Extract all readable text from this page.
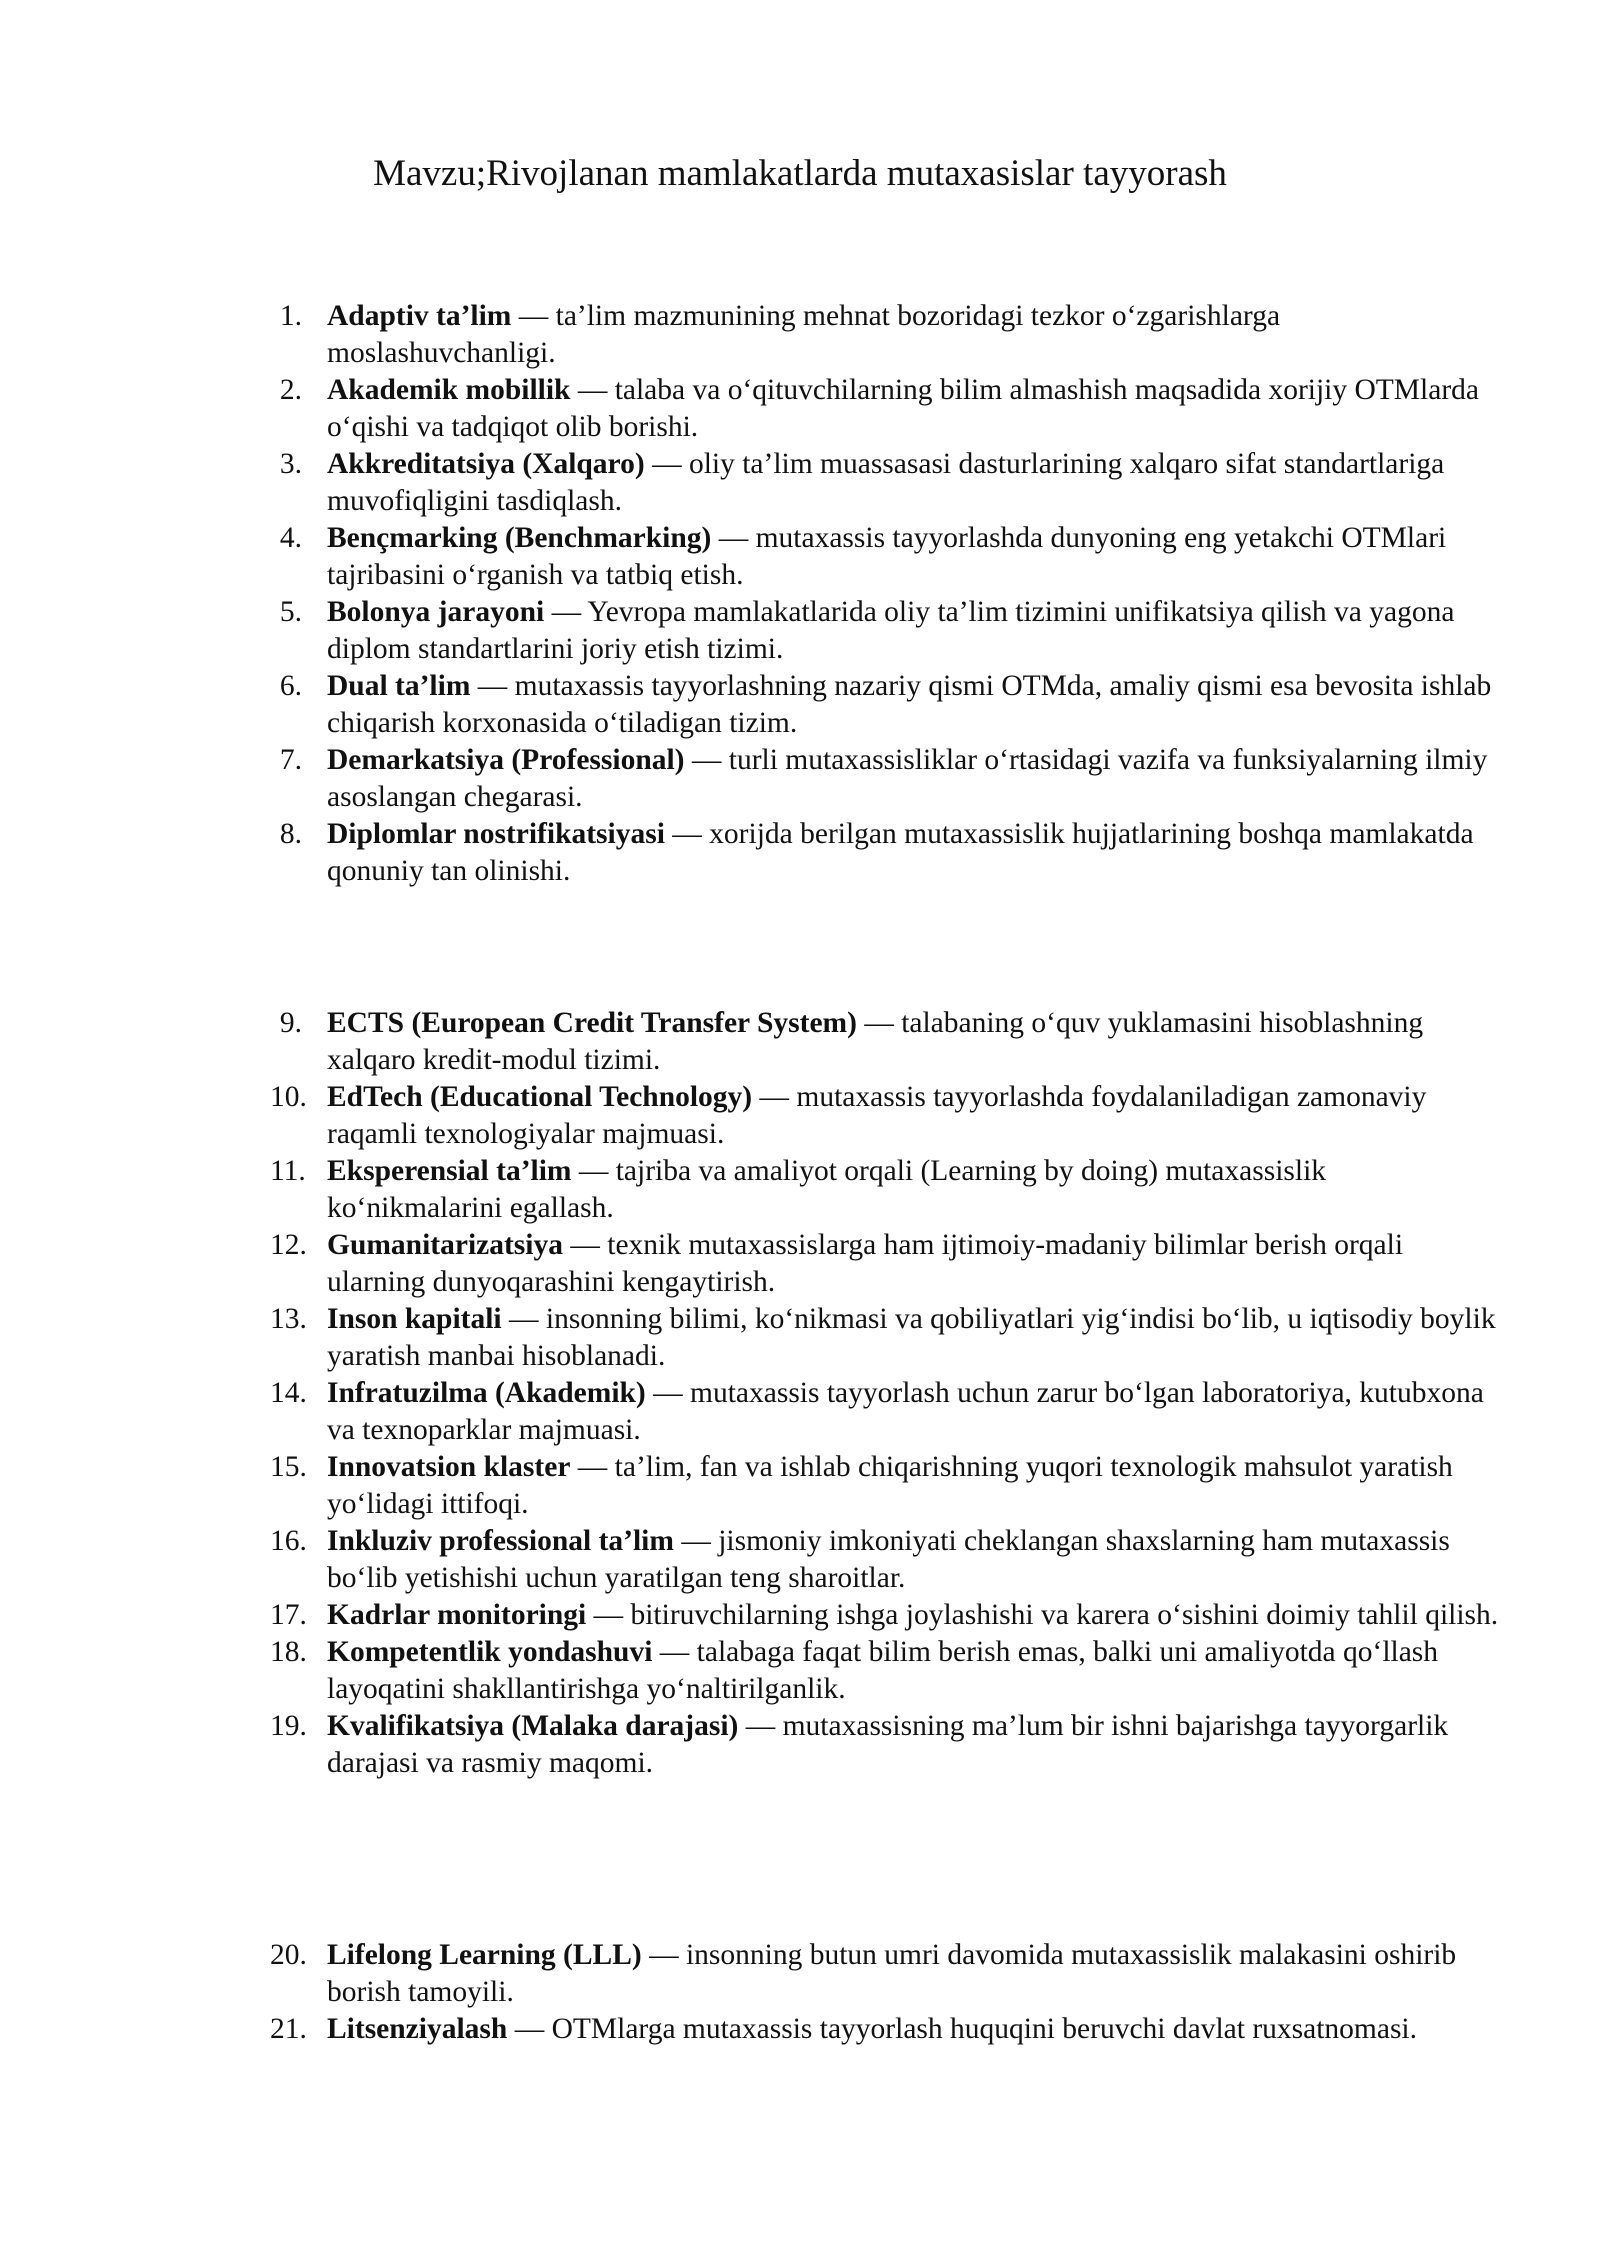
Mavzu;Rivojlanan mamlakatlarda mutaxasislar tayyorash
1. Adaptiv ta’lim — ta’lim mazmunining mehnat bozoridagi tezkor o‘zgarishlarga moslashuvchanligi.
2. Akademik mobillik — talaba va o‘qituvchilarning bilim almashish maqsadida xorijiy OTMlarda o‘qishi va tadqiqot olib borishi.
3. Akkreditatsiya (Xalqaro) — oliy ta’lim muassasasi dasturlarining xalqaro sifat standartlariga muvofiqligini tasdiqlash.
4. Bençmarking (Benchmarking) — mutaxassis tayyorlashda dunyoning eng yetakchi OTMlari tajribasini o‘rganish va tatbiq etish.
5. Bolonya jarayoni — Yevropa mamlakatlarida oliy ta’lim tizimini unifikatsiya qilish va yagona diplom standartlarini joriy etish tizimi.
6. Dual ta’lim — mutaxassis tayyorlashning nazariy qismi OTMda, amaliy qismi esa bevosita ishlab chiqarish korxonasida o‘tiladigan tizim.
7. Demarkatsiya (Professional) — turli mutaxassisliklar o‘rtasidagi vazifa va funksiyalarning ilmiy asoslangan chegarasi.
8. Diplomlar nostrifikatsiyasi — xorijda berilgan mutaxassislik hujjatlarining boshqa mamlakatda qonuniy tan olinishi.
9. ECTS (European Credit Transfer System) — talabaning o‘quv yuklamasini hisoblashning xalqaro kredit-modul tizimi.
10. EdTech (Educational Technology) — mutaxassis tayyorlashda foydalaniladigan zamonaviy raqamli texnologiyalar majmuasi.
11. Eksperensial ta’lim — tajriba va amaliyot orqali (Learning by doing) mutaxassislik ko‘nikmalarini egallash.
12. Gumanitarizatsiya — texnik mutaxassislarga ham ijtimoiy-madaniy bilimlar berish orqali ularning dunyoqarashini kengaytirish.
13. Inson kapitali — insonning bilimi, ko‘nikmasi va qobiliyatlari yig‘indisi bo‘lib, u iqtisodiy boylik yaratish manbai hisoblanadi.
14. Infratuzilma (Akademik) — mutaxassis tayyorlash uchun zarur bo‘lgan laboratoriya, kutubxona va texnoparklar majmuasi.
15. Innovatsion klaster — ta’lim, fan va ishlab chiqarishning yuqori texnologik mahsulot yaratish yo‘lidagi ittifoqi.
16. Inkluziv professional ta’lim — jismoniy imkoniyati cheklangan shaxslarning ham mutaxassis bo‘lib yetishishi uchun yaratilgan teng sharoitlar.
17. Kadrlar monitoringi — bitiruvchilarning ishga joylashishi va karera o‘sishini doimiy tahlil qilish.
18. Kompetentlik yondashuvi — talabaga faqat bilim berish emas, balki uni amaliyotda qo‘llash layoqatini shakllantirishga yo‘naltirilganlik.
19. Kvalifikatsiya (Malaka darajasi) — mutaxassisning ma’lum bir ishni bajarishga tayyorgarlik darajasi va rasmiy maqomi.
20. Lifelong Learning (LLL) — insonning butun umri davomida mutaxassislik malakasini oshirib borish tamoyili.
21. Litsenziyalash — OTMlarga mutaxassis tayyorlash huquqini beruvchi davlat ruxsatnomasi.
